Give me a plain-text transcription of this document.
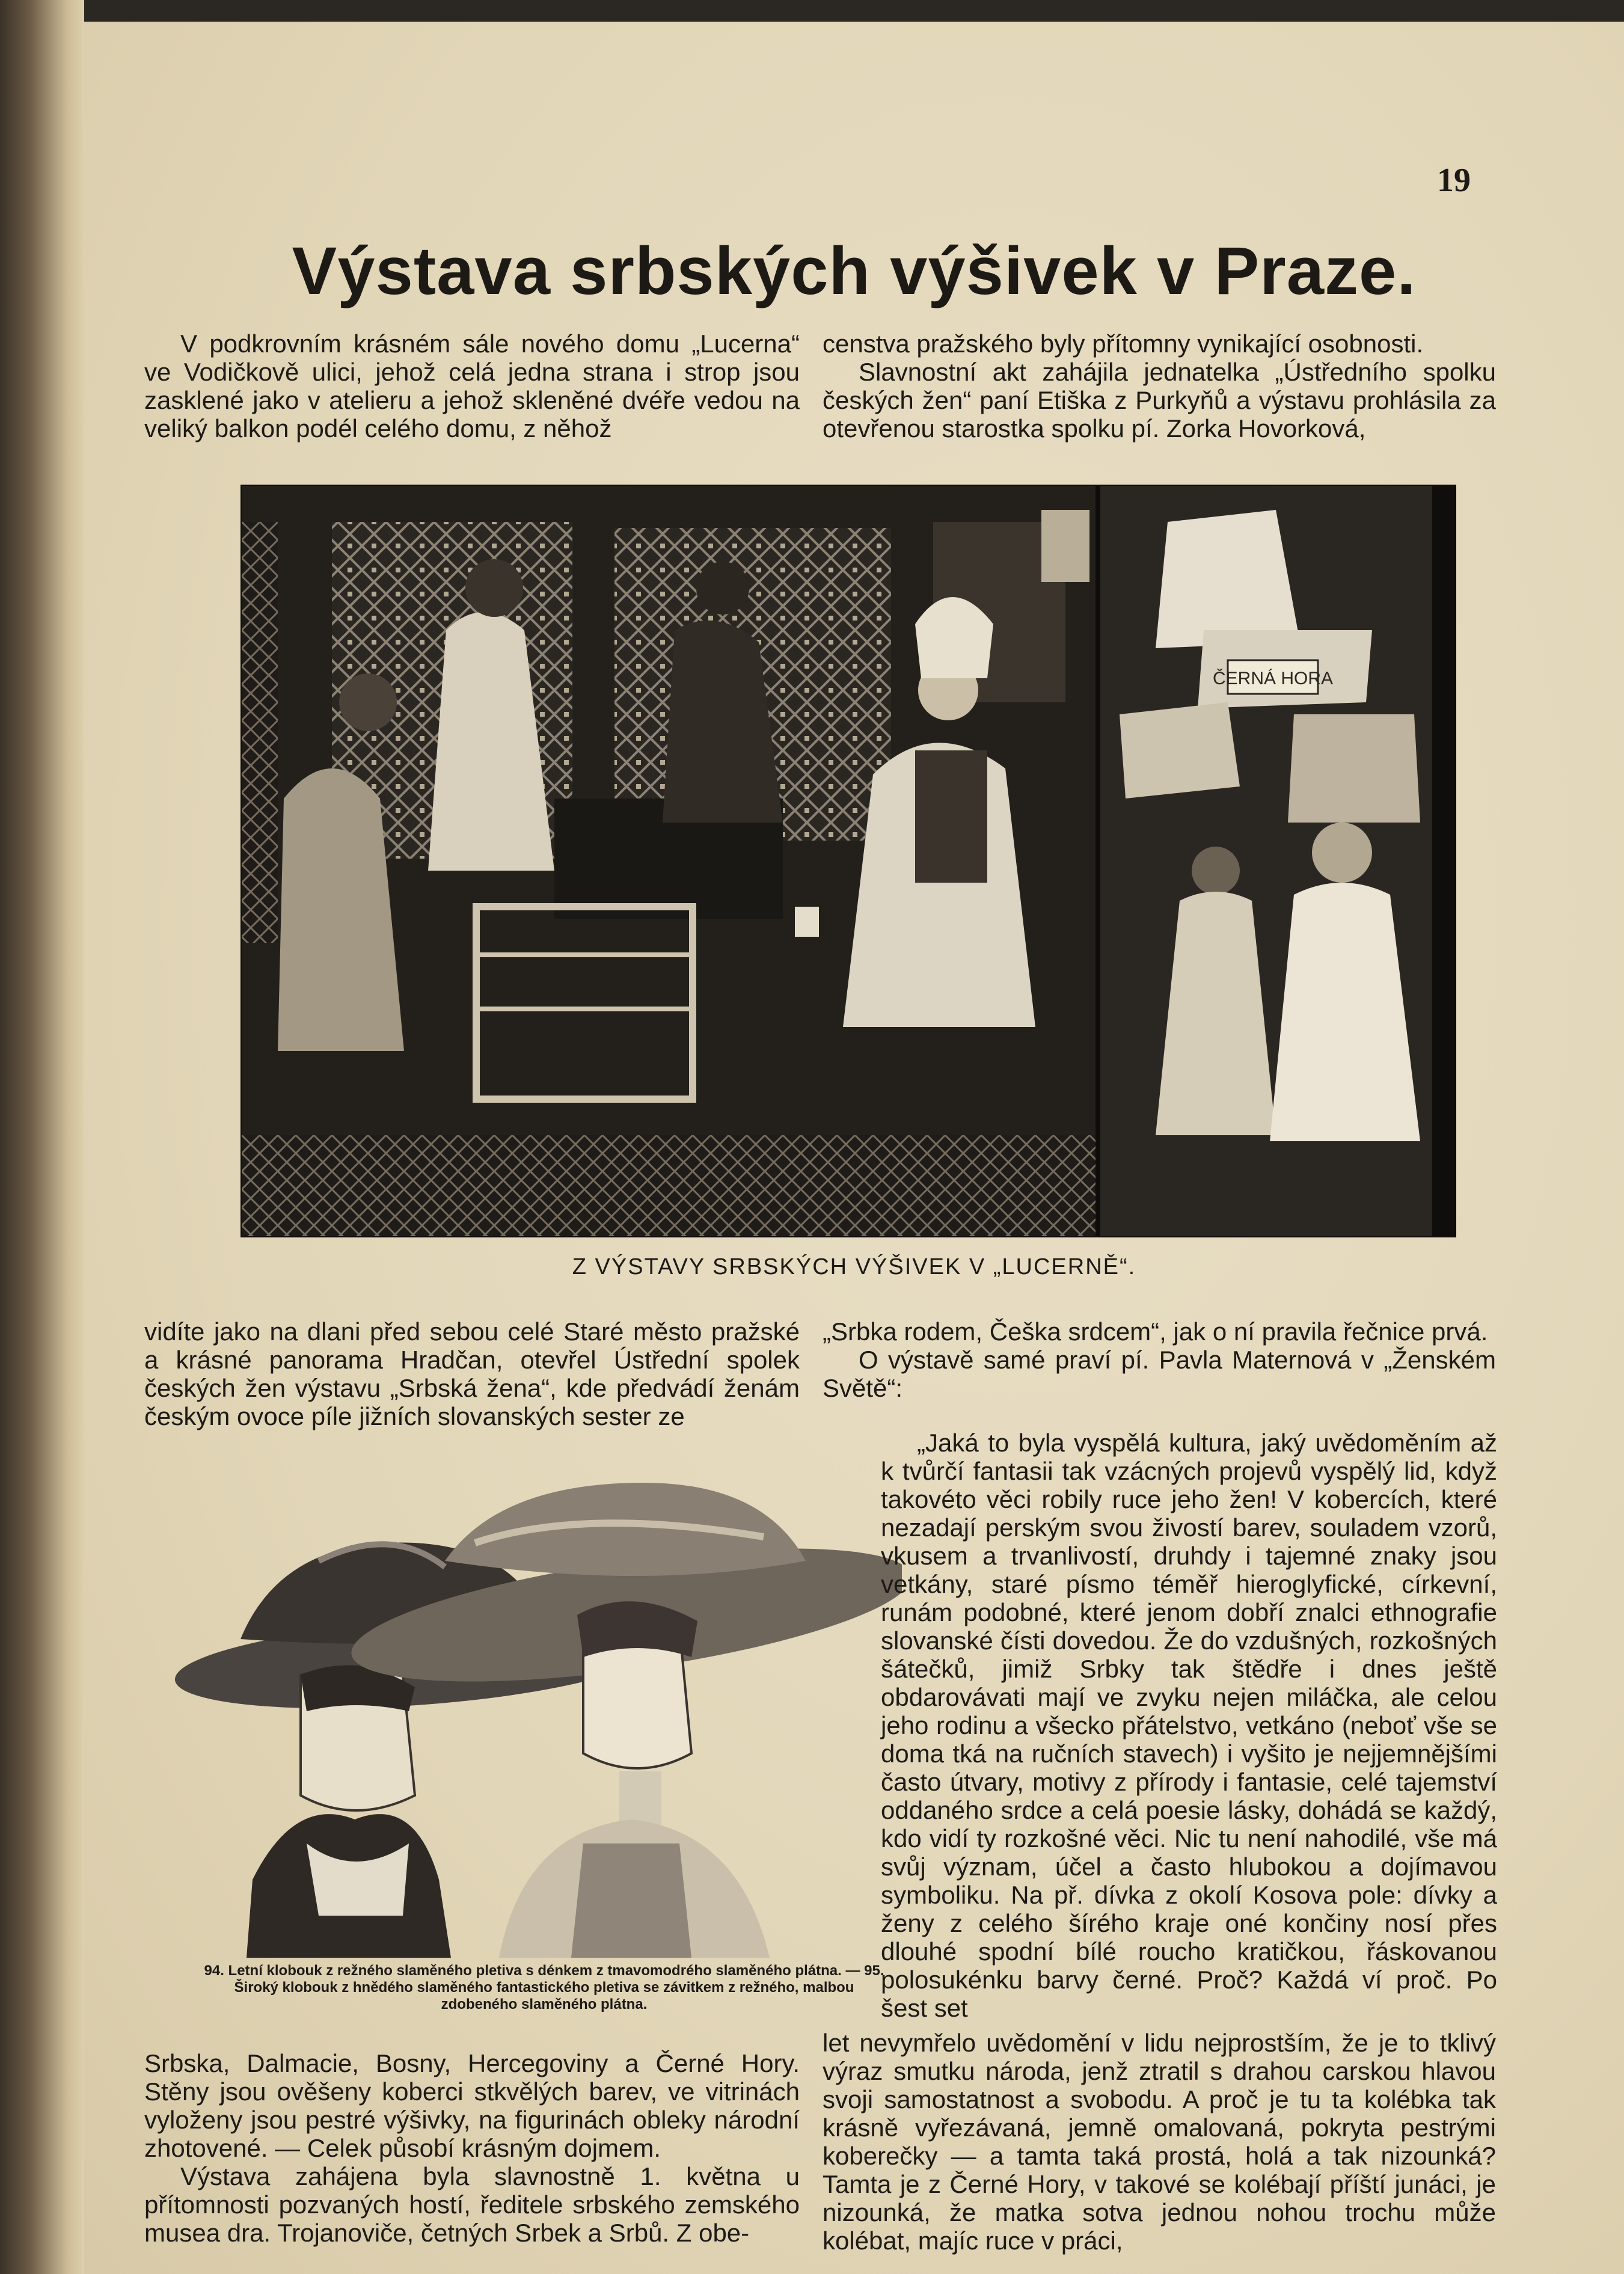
19
Výstava srbských výšivek v Praze.

V podkrovním krásném sále nového domu „Lucerna“ ve Vodičkově ulici, jehož celá jedna strana i strop jsou zasklené jako v atelieru a jehož skleněné dvéře vedou na veliký balkon podél celého domu, z něhož

censtva pražského byly přítomny vynikající osobnosti.

Slavnostní akt zahájila jednatelka „Ústředního spolku českých žen“ paní Etiška z Purkyňů a výstavu prohlásila za otevřenou starostka spolku pí. Zorka Hovorková,

ČERNÁ HORA
Z VÝSTAVY SRBSKÝCH VÝŠIVEK V „LUCERNĚ“.

vidíte jako na dlani před sebou celé Staré město pražské a krásné panorama Hradčan, otevřel Ústřední spolek českých žen výstavu „Srbská žena“, kde předvádí ženám českým ovoce píle jižních slovanských sester ze

„Srbka rodem, Češka srdcem“, jak o ní pravila řečnice prvá.

O výstavě samé praví pí. Pavla Maternová v „Ženském Světě“:

94. Letní klobouk z režného slaměného pletiva s dénkem z tmavomodrého slaměného plátna. — 95. Široký klobouk z hnědého slaměného fantastického pletiva se závitkem z režného, malbou zdobeného slaměného plátna.

„Jaká to byla vyspělá kultura, jaký uvědoměním až k tvůrčí fantasii tak vzácných projevů vyspělý lid, když takovéto věci robily ruce jeho žen! V kobercích, které nezadají perským svou živostí barev, souladem vzorů, vkusem a trvanlivostí, druhdy i tajemné znaky jsou vetkány, staré písmo téměř hieroglyfické, církevní, runám podobné, které jenom dobří znalci ethnografie slovanské čísti dovedou. Že do vzdušných, rozkošných šátečků, jimiž Srbky tak štědře i dnes ještě obdarovávati mají ve zvyku nejen miláčka, ale celou jeho rodinu a všecko přátelstvo, vetkáno (neboť vše se doma tká na ručních stavech) i vyšito je nejjemnějšími často útvary, motivy z přírody i fantasie, celé tajemství oddaného srdce a celá poesie lásky, dohádá se každý, kdo vidí ty rozkošné věci. Nic tu není nahodilé, vše má svůj význam, účel a často hlubokou a dojímavou symboliku. Na př. dívka z okolí Kosova pole: dívky a ženy z celého šírého kraje oné končiny nosí přes dlouhé spodní bílé roucho kratičkou, řáskovanou polosukénku barvy černé. Proč? Každá ví proč. Po šest set

Srbska, Dalmacie, Bosny, Hercegoviny a Černé Hory. Stěny jsou ověšeny koberci stkvělých barev, ve vitrinách vyloženy jsou pestré výšivky, na figurinách obleky národní zhotovené. — Celek působí krásným dojmem.

Výstava zahájena byla slavnostně 1. května u přítomnosti pozvaných hostí, ředitele srbského zemského musea dra. Trojanoviče, četných Srbek a Srbů. Z obe-

let nevymřelo uvědomění v lidu nejprostším, že je to tklivý výraz smutku národa, jenž ztratil s drahou carskou hlavou svoji samostatnost a svobodu. A proč je tu ta kolébka tak krásně vyřezávaná, jemně omalovaná, pokryta pestrými koberečky — a tamta taká prostá, holá a tak nizounká? Tamta je z Černé Hory, v takové se kolébají příští junáci, je nizounká, že matka sotva jednou nohou trochu může kolébat, majíc ruce v práci,
